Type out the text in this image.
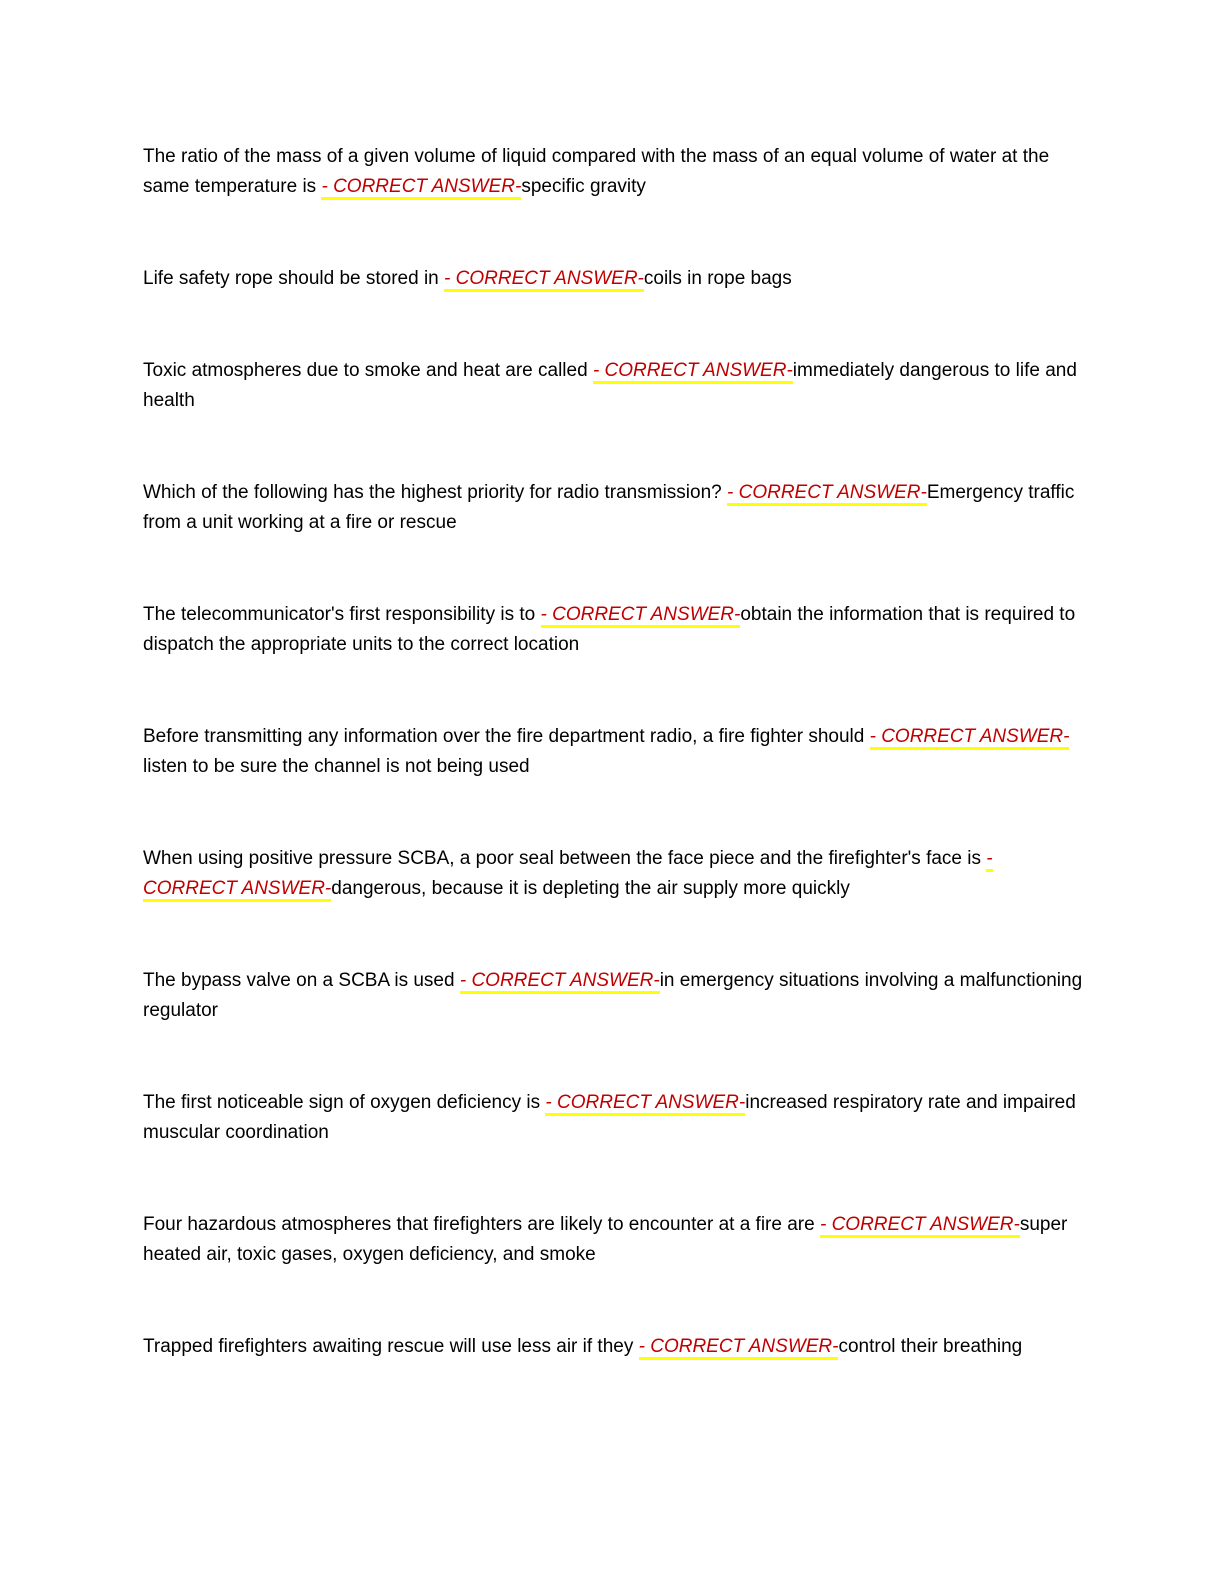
The ratio of the mass of a given volume of liquid compared with the mass of an equal volume of water at the same temperature is - CORRECT ANSWER-specific gravity

Life safety rope should be stored in - CORRECT ANSWER-coils in rope bags

Toxic atmospheres due to smoke and heat are called - CORRECT ANSWER-immediately dangerous to life and health

Which of the following has the highest priority for radio transmission? - CORRECT ANSWER-Emergency traffic from a unit working at a fire or rescue

The telecommunicator's first responsibility is to - CORRECT ANSWER-obtain the information that is required to dispatch the appropriate units to the correct location

Before transmitting any information over the fire department radio, a fire fighter should - CORRECT ANSWER-listen to be sure the channel is not being used

When using positive pressure SCBA, a poor seal between the face piece and the firefighter's face is - CORRECT ANSWER-dangerous, because it is depleting the air supply more quickly

The bypass valve on a SCBA is used - CORRECT ANSWER-in emergency situations involving a malfunctioning regulator

The first noticeable sign of oxygen deficiency is - CORRECT ANSWER-increased respiratory rate and impaired muscular coordination

Four hazardous atmospheres that firefighters are likely to encounter at a fire are - CORRECT ANSWER-super heated air, toxic gases, oxygen deficiency, and smoke

Trapped firefighters awaiting rescue will use less air if they - CORRECT ANSWER-control their breathing
